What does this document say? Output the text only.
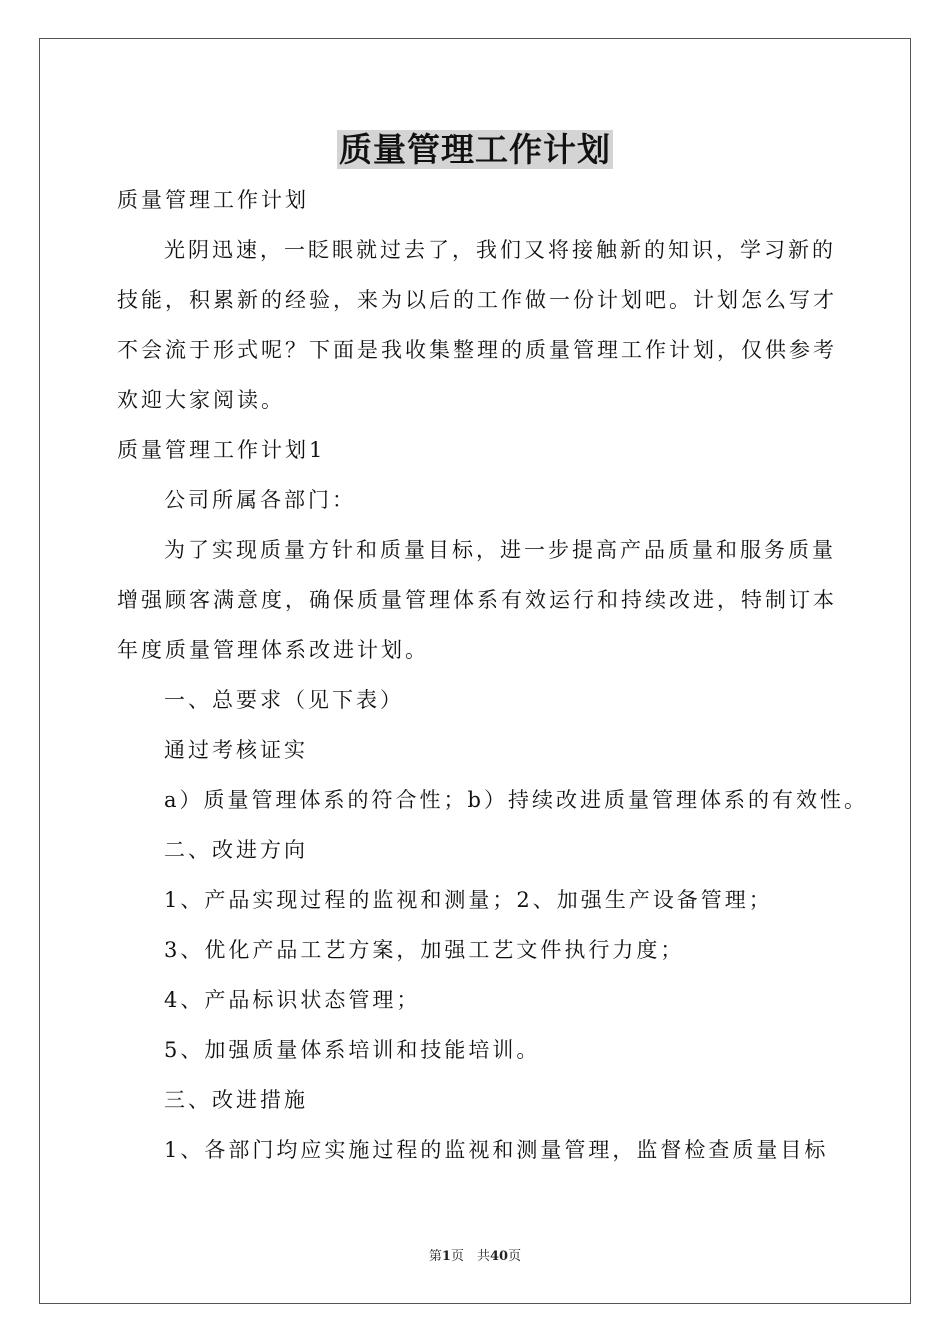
质量管理工作计划
质量管理工作计划
光阴迅速，一眨眼就过去了，我们又将接触新的知识，学习新的
技能，积累新的经验，来为以后的工作做一份计划吧。计划怎么写才
不会流于形式呢？下面是我收集整理的质量管理工作计划，仅供参考
欢迎大家阅读。
质量管理工作计划1
公司所属各部门：
为了实现质量方针和质量目标，进一步提高产品质量和服务质量
增强顾客满意度，确保质量管理体系有效运行和持续改进，特制订本
年度质量管理体系改进计划。
一、总要求（见下表）
通过考核证实
a）质量管理体系的符合性；b）持续改进质量管理体系的有效性。
二、改进方向
1、产品实现过程的监视和测量；2、加强生产设备管理；
3、优化产品工艺方案，加强工艺文件执行力度；
4、产品标识状态管理；
5、加强质量体系培训和技能培训。
三、改进措施
1、各部门均应实施过程的监视和测量管理，监督检查质量目标
第1页　共40页
